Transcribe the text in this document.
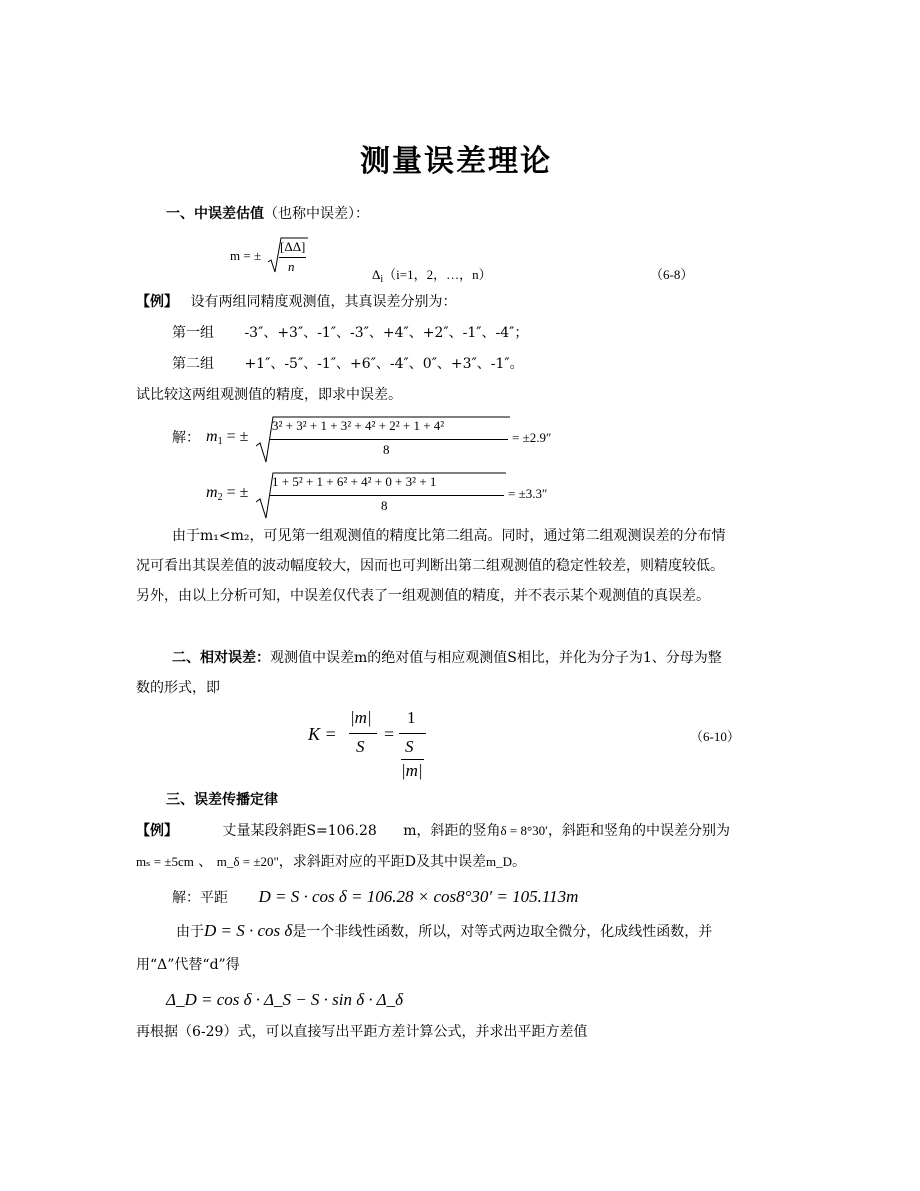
测量误差理论
一、中误差估值（也称中误差）：
m = ±
[ΔΔ]
n
$\Delta_i(i=1$，2，…，n）	（6-8）
【例】 设有两组同精度观测值，其真误差分别为：
第一组 -3″、+3″、-1″、-3″、+4″、+2″、-1″、-4″；
第二组 +1″、-5″、-1″、+6″、-4″、0″、+3″、-1″。
试比较这两组观测值的精度，即求中误差。
解： $m_1$ = ±
3² + 3² + 1 + 3² + 4² + 2² + 1 + 4²
8
= ±2.9″
$m_2$ = ±
1 + 5² + 1 + 6² + 4² + 0 + 3² + 1
8
= ±3.3″
由于m₁<m₂，可见第一组观测值的精度比第二组高。同时，通过第二组观测误差的分布情
况可看出其误差值的波动幅度较大，因而也可判断出第二组观测值的稳定性较差，则精度较低。
另外，由以上分析可知，中误差仅代表了一组观测值的精度，并不表示某个观测值的真误差。
二、相对误差：观测值中误差m的绝对值与相应观测值S相比，并化为分子为1、分母为整
数的形式，即
K =
|m|
S
=
1
S
|m|
（6-10）
三、误差传播定律
【例】	丈量某段斜距S=106.28 m，斜距的竖角δ = 8°30′，斜距和竖角的中误差分别为
mₛ = ±5cm 、 m_δ = ±20"，求斜距对应的平距D及其中误差m_D。
解：平距 D = S · cos δ = 106.28 × cos8°30′ = 105.113m
由于D = S · cos δ是一个非线性函数，所以，对等式两边取全微分，化成线性函数，并
用“Δ”代替“d”得
Δ_D = cos δ · Δ_S − S · sin δ · Δ_δ
再根据（6-29）式，可以直接写出平距方差计算公式，并求出平距方差值
